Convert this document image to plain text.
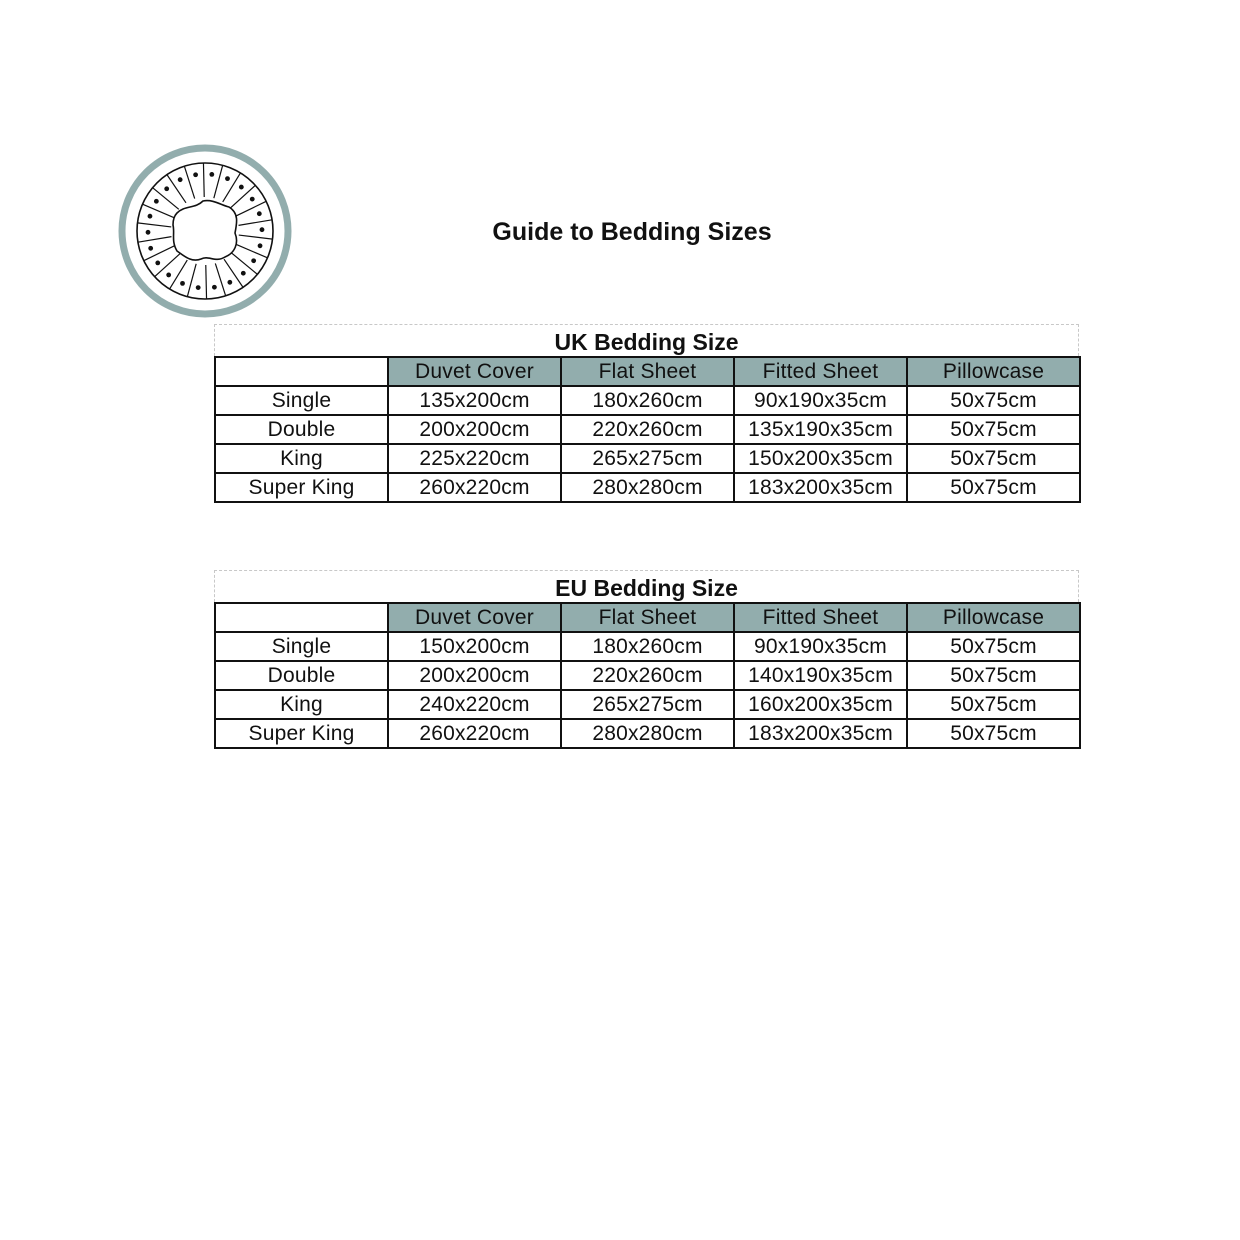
Guide to Bedding Sizes
UK Bedding Size
	Duvet Cover	Flat Sheet	Fitted Sheet	Pillowcase
Single	135x200cm	180x260cm	90x190x35cm	50x75cm
Double	200x200cm	220x260cm	135x190x35cm	50x75cm
King	225x220cm	265x275cm	150x200x35cm	50x75cm
Super King	260x220cm	280x280cm	183x200x35cm	50x75cm
EU Bedding Size
	Duvet Cover	Flat Sheet	Fitted Sheet	Pillowcase
Single	150x200cm	180x260cm	90x190x35cm	50x75cm
Double	200x200cm	220x260cm	140x190x35cm	50x75cm
King	240x220cm	265x275cm	160x200x35cm	50x75cm
Super King	260x220cm	280x280cm	183x200x35cm	50x75cm
